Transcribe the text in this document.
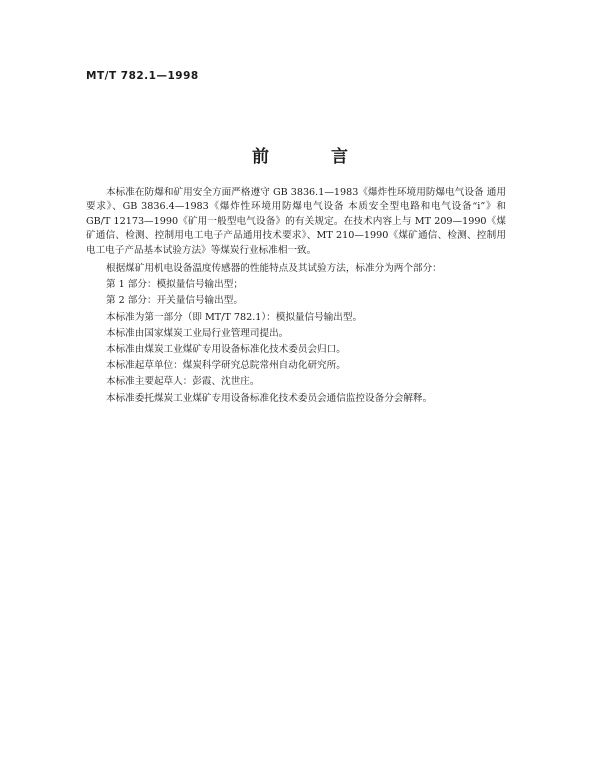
MT/T 782.1—1998
前 言

本标准在防爆和矿用安全方面严格遵守 GB 3836.1—1983《爆炸性环境用防爆电气设备 通用要求》、GB 3836.4—1983《爆炸性环境用防爆电气设备 本质安全型电路和电气设备“i”》和 GB/T 12173—1990《矿用一般型电气设备》的有关规定。在技术内容上与 MT 209—1990《煤矿通信、检测、控制用电工电子产品通用技术要求》、MT 210—1990《煤矿通信、检测、控制用电工电子产品基本试验方法》等煤炭行业标准相一致。

根据煤矿用机电设备温度传感器的性能特点及其试验方法，标准分为两个部分：

第 1 部分：模拟量信号输出型；

第 2 部分：开关量信号输出型。

本标准为第一部分（即 MT/T 782.1）：模拟量信号输出型。

本标准由国家煤炭工业局行业管理司提出。

本标准由煤炭工业煤矿专用设备标准化技术委员会归口。

本标准起草单位：煤炭科学研究总院常州自动化研究所。

本标准主要起草人：彭霞、沈世庄。

本标准委托煤炭工业煤矿专用设备标准化技术委员会通信监控设备分会解释。
